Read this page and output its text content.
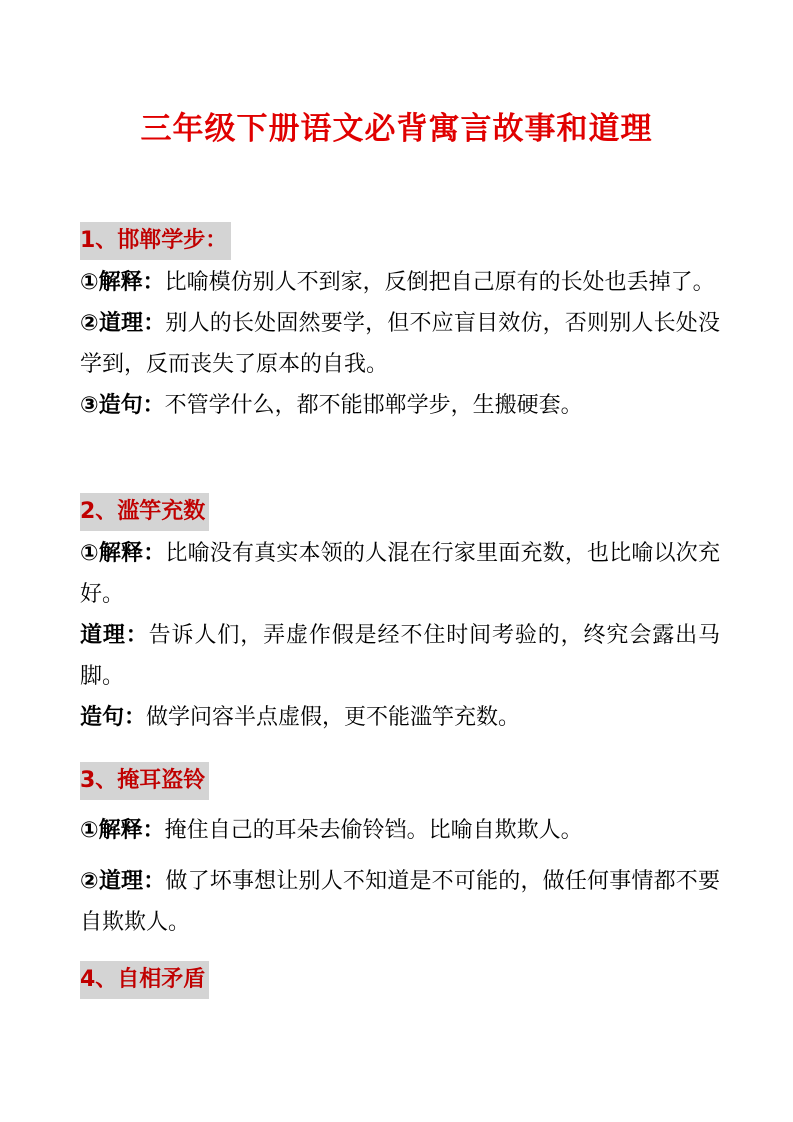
三年级下册语文必背寓言故事和道理
1、邯郸学步：

①解释：比喻模仿别人不到家，反倒把自己原有的长处也丢掉了。

②道理：别人的长处固然要学，但不应盲目效仿，否则别人长处没学到，反而丧失了原本的自我。

③造句：不管学什么，都不能邯郸学步，生搬硬套。

2、滥竽充数

①解释：比喻没有真实本领的人混在行家里面充数，也比喻以次充好。

道理：告诉人们，弄虚作假是经不住时间考验的，终究会露出马脚。

造句：做学问容半点虚假，更不能滥竽充数。

3、掩耳盗铃

①解释：掩住自己的耳朵去偷铃铛。比喻自欺欺人。

②道理：做了坏事想让别人不知道是不可能的，做任何事情都不要自欺欺人。

4、自相矛盾
